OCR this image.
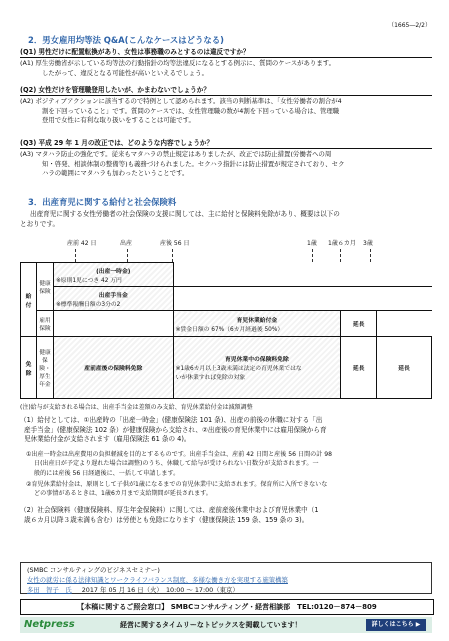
（1665―2/2）
2．男女雇用均等法 Q&A(こんなケースはどうなる)
(Q1) 男性だけに配置転換があり、女性は事務職のみとするのは違反ですか？
(A1) 厚生労働省が示している均等法の行動指針の均等法違反になるとする例示に、質問のケースがあります。
したがって、違反となる可能性が高いといえるでしょう。
(Q2) 女性だけを管理職登用したいが、かまわないでしょうか？
(A2) ポジティブアクションに該当するので特例として認められます。該当の判断基準は、「女性労働者の割合が4
割を下回っていること」です。質問のケースでは、女性管理職の数が4割を下回っている場合は、管理職
登用で女性に有利な取り扱いをすることは可能です。
(Q3) 平成 29 年 1 月の改正では、どのような内容でしょうか？
(A3) マタハラ防止の強化です。従来もマタハラの禁止規定はありましたが、改正では防止措置(労働者への周
知・啓発、相談体制の整備等)も義務づけられました。セクハラ指針には防止措置が規定されており、セク
ハラの範囲にマタハラも加わったということです。
3．出産育児に関する給付と社会保険料
出産育児に関する女性労働者の社会保険の支援に関しては、主に給付と保険料免除があり、概要は以下の
とおりです。
産前 42 日	出産	産後 56 日	1歳 1歳６カ月 3歳
給付	健康保険	(出産一時金)
※原則1児につき 42 万円			

		出産手当金
※標準報酬日額の3分の2			

	雇用保険		育児休業給付金
※賃金日額の 67%（6カ月経過後 50%）	延長	
免除	健康保険・厚生年金	産前産後の保険料免除	育児休業中の保険料免除
※1歳6カ月以上3歳未満は法定の育児休業ではな
いが休業すれば免除の対象	延長	延長
(注)給与が支給される場合は、出産手当金は差額のみ支給、育児休業給付金は減額調整
（1）給付としては、①出産時の「出産一時金」(健康保険法 101 条)、出産の前後の休職に対する「出
産手当金」(健康保険法 102 条）が健康保険から支給され、②出産後の育児休業中には雇用保険から育
児休業給付金が支給されます（雇用保険法 61 条の 4)。
①出産一時金は出産費用の負担軽減を目的とするものです。出産手当金は、産前 42 日間と産後 56 日間の計 98
日(出産日が予定より遅れた場合は調整)のうち、休職して給与が受けられない日数分が支給されます。一
般的には産後 56 日経過後に、一括して申請します。
②育児休業給付金は、原則として子供が1歳になるまでの育児休業中に支給されます。保育所に入所できないな
どの事情があるときは、1歳6カ月まで支給期間が延長されます。
（2）社会保険料（健康保険料、厚生年金保険料）に関しては、産前産後休業中および育児休業中（1
歳６カ月以降３歳未満も含む）は労使とも免除になります（健康保険法 159 条、159 条の 3)。
(SMBC コンサルティングのビジネスセミナー)
女性の就労に係る法律知識とワークライフバランス制度、多様な働き方を実現する施策構築
多田　智子　氏 2017 年 05 月 16 日（火）　10:00 ～ 17:00（東京）
【本稿に関するご照会窓口】 SMBCコンサルティング・経営相談部　TEL:0120－874－809
Netpress	経営に関するタイムリーなトピックスを掲載しています！	詳しくはこちら ▶
